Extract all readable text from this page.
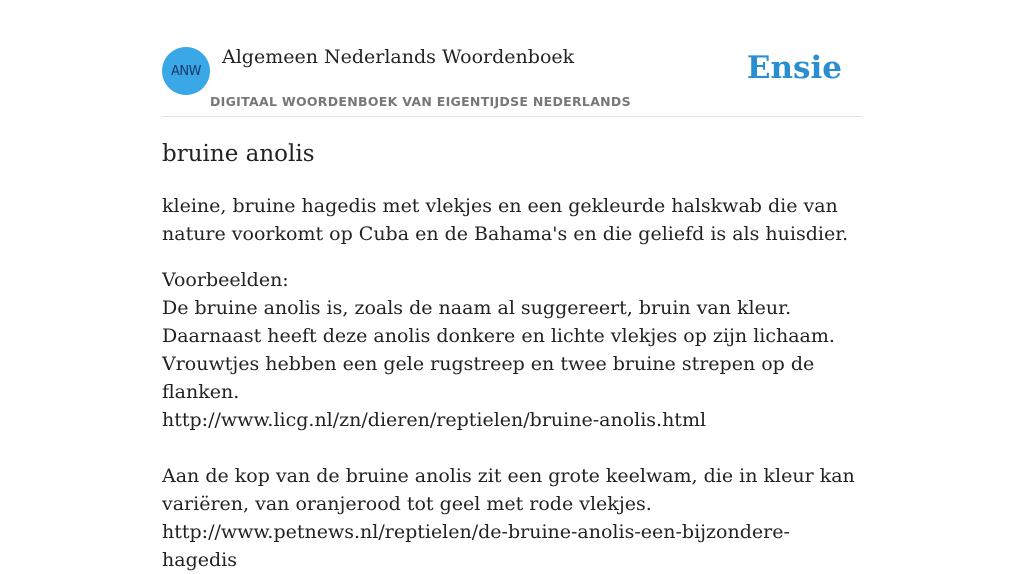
ANW
Algemeen Nederlands Woordenboek
DIGITAAL WOORDENBOEK VAN EIGENTIJDSE NEDERLANDS
Ensie
bruine anolis

kleine, bruine hagedis met vlekjes en een gekleurde halskwab die van nature voorkomt op Cuba en de Bahama's en die geliefd is als huisdier.

Voorbeelden:
De bruine anolis is, zoals de naam al suggereert, bruin van kleur. Daarnaast heeft deze anolis donkere en lichte vlekjes op zijn lichaam. Vrouwtjes hebben een gele rugstreep en twee bruine strepen op de flanken.
http://www.licg.nl/zn/dieren/reptielen/bruine-anolis.html
Aan de kop van de bruine anolis zit een grote keelwam, die in kleur kan variëren, van oranjerood tot geel met rode vlekjes.
http://www.petnews.nl/reptielen/de-bruine-anolis-een-bijzondere-hagedis
